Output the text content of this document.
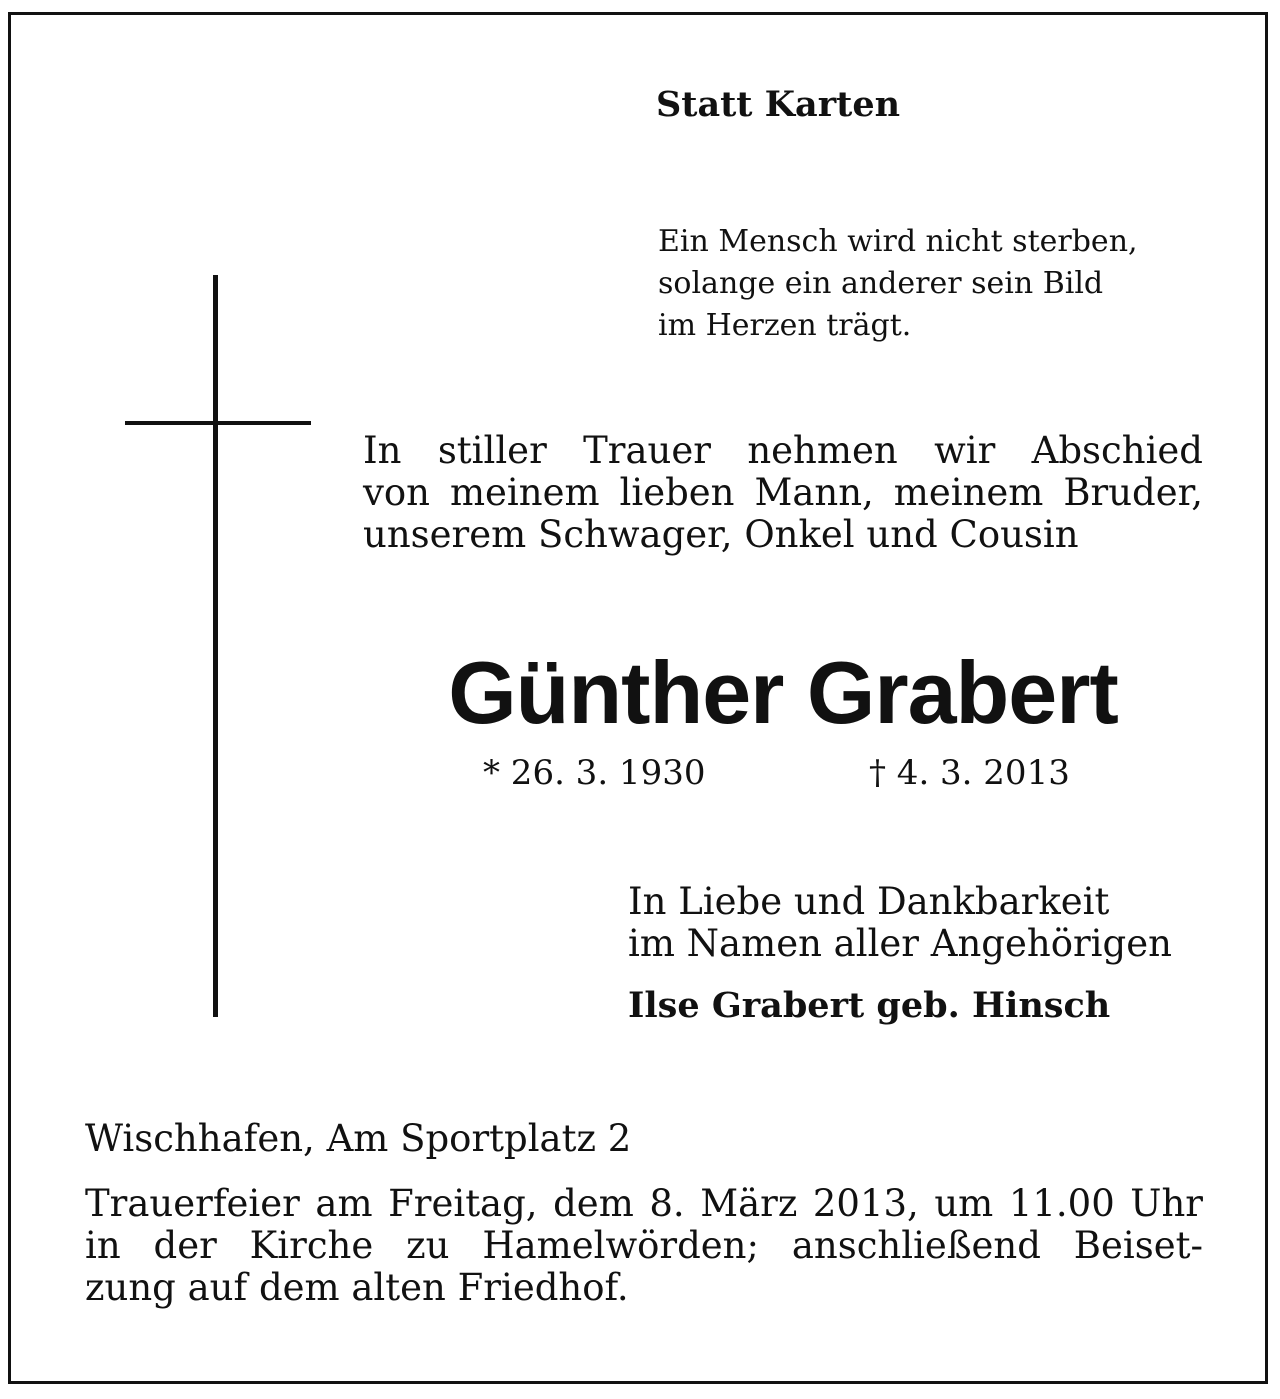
Statt Karten
Ein Mensch wird nicht sterben,
solange ein anderer sein Bild
im Herzen trägt.
In stiller Trauer nehmen wir Abschied
von meinem lieben Mann, meinem Bruder,
unserem Schwager, Onkel und Cousin
Günther Grabert
* 26. 3. 1930	† 4. 3. 2013
In Liebe und Dankbarkeit
im Namen aller Angehörigen
Ilse Grabert geb. Hinsch
Wischhafen, Am Sportplatz 2
Trauerfeier am Freitag, dem 8. März 2013, um 11.00 Uhr
in der Kirche zu Hamelwörden; anschließend Beiset-
zung auf dem alten Friedhof.
